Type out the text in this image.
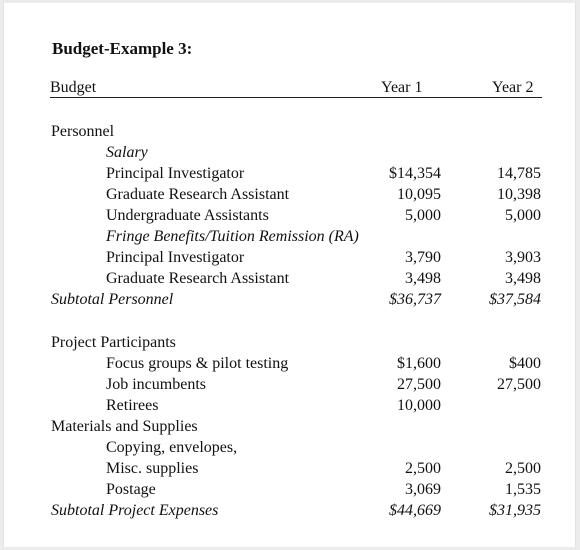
Budget-Example 3:
Budget	Year 1	Year 2
Personnel
Salary
Principal Investigator	$14,354	14,785
Graduate Research Assistant	10,095	10,398
Undergraduate Assistants	5,000	5,000
Fringe Benefits/Tuition Remission (RA)
Principal Investigator	3,790	3,903
Graduate Research Assistant	3,498	3,498
Subtotal Personnel	$36,737	$37,584
Project Participants
Focus groups & pilot testing	$1,600	$400
Job incumbents	27,500	27,500
Retirees	10,000
Materials and Supplies
Copying, envelopes,
Misc. supplies	2,500	2,500
Postage	3,069	1,535
Subtotal Project Expenses	$44,669	$31,935
